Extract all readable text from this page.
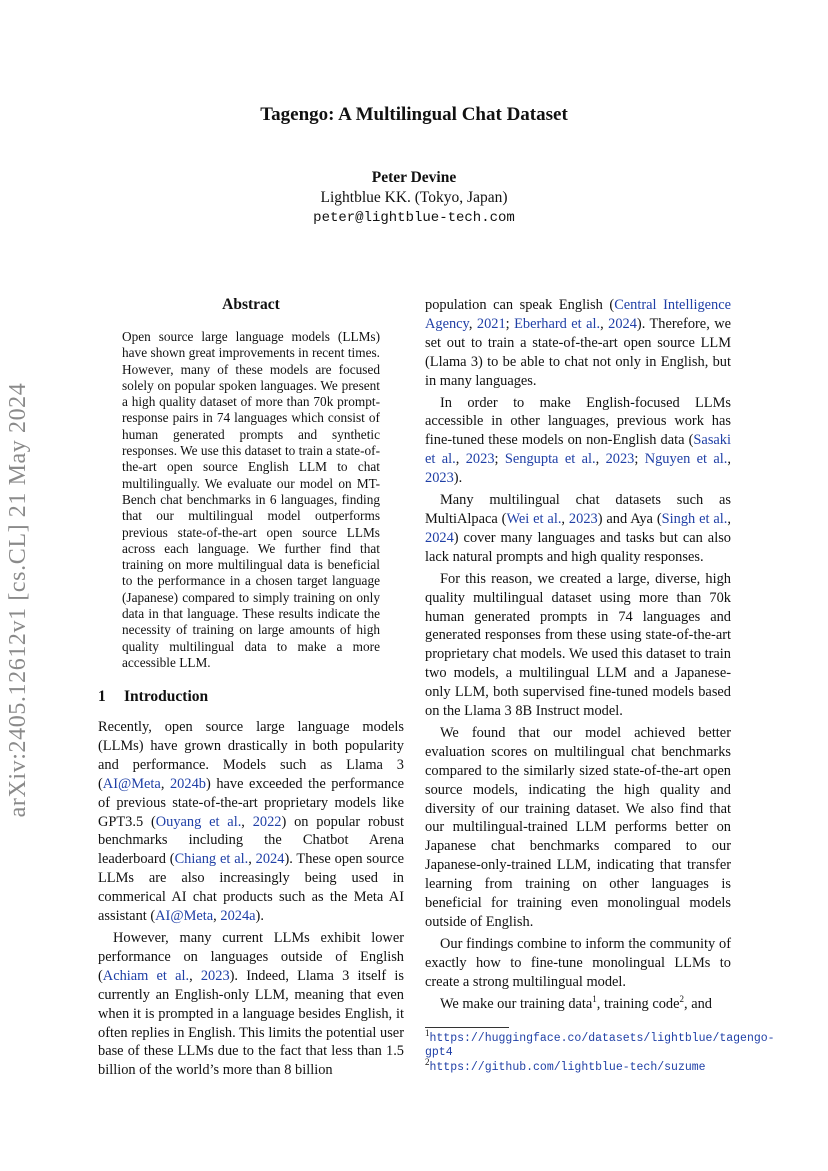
arXiv:2405.12612v1 [cs.CL] 21 May 2024
Tagengo: A Multilingual Chat Dataset
Peter Devine
Lightblue KK. (Tokyo, Japan)
peter@lightblue-tech.com
Abstract
Open source large language models (LLMs) have shown great improvements in recent times. However, many of these models are focused solely on popular spoken languages. We present a high quality dataset of more than 70k prompt-response pairs in 74 languages which consist of human generated prompts and synthetic responses. We use this dataset to train a state-of-the-art open source English LLM to chat multilingually. We evaluate our model on MT-Bench chat benchmarks in 6 languages, finding that our multilingual model outperforms previous state-of-the-art open source LLMs across each language. We further find that training on more multilingual data is beneficial to the performance in a chosen target language (Japanese) compared to simply training on only data in that language. These results indicate the necessity of training on large amounts of high quality multilingual data to make a more accessible LLM.
1 Introduction

Recently, open source large language models (LLMs) have grown drastically in both popularity and performance. Models such as Llama 3 (AI@Meta, 2024b) have exceeded the performance of previous state-of-the-art proprietary models like GPT3.5 (Ouyang et al., 2022) on popular robust benchmarks including the Chatbot Arena leaderboard (Chiang et al., 2024). These open source LLMs are also increasingly being used in commerical AI chat products such as the Meta AI assistant (AI@Meta, 2024a).

However, many current LLMs exhibit lower performance on languages outside of English (Achiam et al., 2023). Indeed, Llama 3 itself is currently an English-only LLM, meaning that even when it is prompted in a language besides English, it often replies in English. This limits the potential user base of these LLMs due to the fact that less than 1.5 billion of the world’s more than 8 billion

population can speak English (Central Intelligence Agency, 2021; Eberhard et al., 2024). Therefore, we set out to train a state-of-the-art open source LLM (Llama 3) to be able to chat not only in English, but in many languages.

In order to make English-focused LLMs accessible in other languages, previous work has fine-tuned these models on non-English data (Sasaki et al., 2023; Sengupta et al., 2023; Nguyen et al., 2023).

Many multilingual chat datasets such as MultiAlpaca (Wei et al., 2023) and Aya (Singh et al., 2024) cover many languages and tasks but can also lack natural prompts and high quality responses.

For this reason, we created a large, diverse, high quality multilingual dataset using more than 70k human generated prompts in 74 languages and generated responses from these using state-of-the-art proprietary chat models. We used this dataset to train two models, a multilingual LLM and a Japanese-only LLM, both supervised fine-tuned models based on the Llama 3 8B Instruct model.

We found that our model achieved better evaluation scores on multilingual chat benchmarks compared to the similarly sized state-of-the-art open source models, indicating the high quality and diversity of our training dataset. We also find that our multilingual-trained LLM performs better on Japanese chat benchmarks compared to our Japanese-only-trained LLM, indicating that transfer learning from training on other languages is beneficial for training even monolingual models outside of English.

Our findings combine to inform the community of exactly how to fine-tune monolingual LLMs to create a strong multilingual model.

We make our training data$^1$, training code$^2$, and

$^1$https://huggingface.co/datasets/lightblue/tagengo-gpt4
$^2$https://github.com/lightblue-tech/suzume
